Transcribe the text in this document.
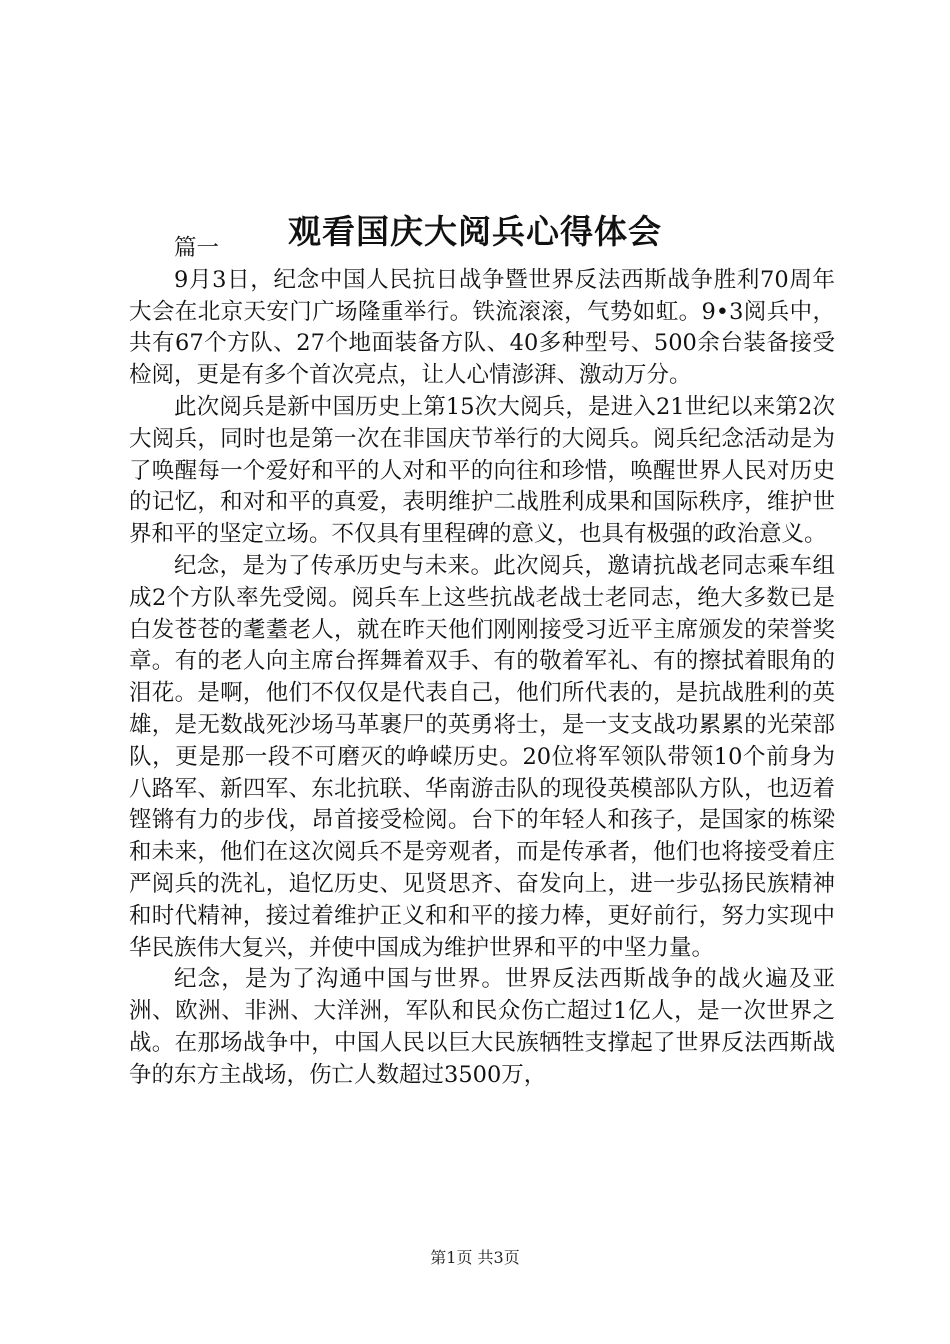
观看国庆大阅兵心得体会

篇一

9月3日，纪念中国人民抗日战争暨世界反法西斯战争胜利70周年大会在北京天安门广场隆重举行。铁流滚滚，气势如虹。9•3阅兵中，共有67个方队、27个地面装备方队、40多种型号、500余台装备接受检阅，更是有多个首次亮点，让人心情澎湃、激动万分。

此次阅兵是新中国历史上第15次大阅兵，是进入21世纪以来第2次大阅兵，同时也是第一次在非国庆节举行的大阅兵。阅兵纪念活动是为了唤醒每一个爱好和平的人对和平的向往和珍惜，唤醒世界人民对历史的记忆，和对和平的真爱，表明维护二战胜利成果和国际秩序，维护世界和平的坚定立场。不仅具有里程碑的意义，也具有极强的政治意义。

纪念，是为了传承历史与未来。此次阅兵，邀请抗战老同志乘车组成2个方队率先受阅。阅兵车上这些抗战老战士老同志，绝大多数已是白发苍苍的耄耋老人，就在昨天他们刚刚接受习近平主席颁发的荣誉奖章。有的老人向主席台挥舞着双手、有的敬着军礼、有的擦拭着眼角的泪花。是啊，他们不仅仅是代表自己，他们所代表的，是抗战胜利的英雄，是无数战死沙场马革裹尸的英勇将士，是一支支战功累累的光荣部队，更是那一段不可磨灭的峥嵘历史。20位将军领队带领10个前身为八路军、新四军、东北抗联、华南游击队的现役英模部队方队，也迈着铿锵有力的步伐，昂首接受检阅。台下的年轻人和孩子，是国家的栋梁和未来，他们在这次阅兵不是旁观者，而是传承者，他们也将接受着庄严阅兵的洗礼，追忆历史、见贤思齐、奋发向上，进一步弘扬民族精神和时代精神，接过着维护正义和和平的接力棒，更好前行，努力实现中华民族伟大复兴，并使中国成为维护世界和平的中坚力量。

纪念，是为了沟通中国与世界。世界反法西斯战争的战火遍及亚洲、欧洲、非洲、大洋洲，军队和民众伤亡超过1亿人，是一次世界之战。在那场战争中，中国人民以巨大民族牺牲支撑起了世界反法西斯战争的东方主战场，伤亡人数超过3500万，

第1页 共3页
